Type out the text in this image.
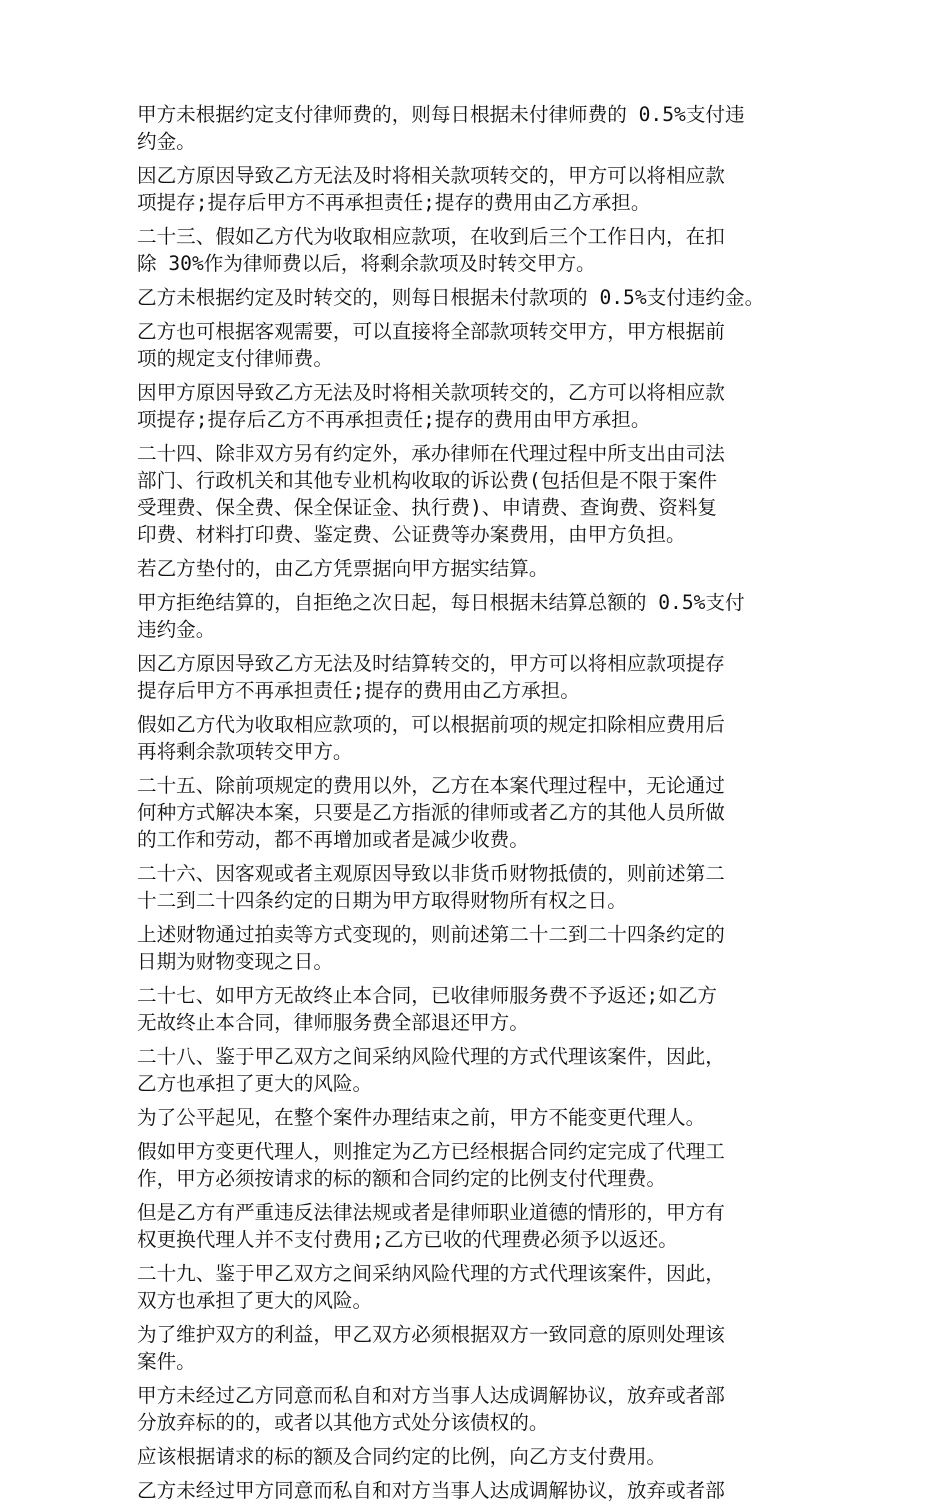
甲方未根据约定支付律师费的，则每日根据未付律师费的 0.5%支付违
约金。

因乙方原因导致乙方无法及时将相关款项转交的，甲方可以将相应款
项提存;提存后甲方不再承担责任;提存的费用由乙方承担。

二十三、假如乙方代为收取相应款项，在收到后三个工作日内，在扣
除 30%作为律师费以后，将剩余款项及时转交甲方。

乙方未根据约定及时转交的，则每日根据未付款项的 0.5%支付违约金。

乙方也可根据客观需要，可以直接将全部款项转交甲方，甲方根据前
项的规定支付律师费。

因甲方原因导致乙方无法及时将相关款项转交的，乙方可以将相应款
项提存;提存后乙方不再承担责任;提存的费用由甲方承担。

二十四、除非双方另有约定外，承办律师在代理过程中所支出由司法
部门、行政机关和其他专业机构收取的诉讼费(包括但是不限于案件
受理费、保全费、保全保证金、执行费)、申请费、查询费、资料复
印费、材料打印费、鉴定费、公证费等办案费用，由甲方负担。

若乙方垫付的，由乙方凭票据向甲方据实结算。

甲方拒绝结算的，自拒绝之次日起，每日根据未结算总额的 0.5%支付
违约金。

因乙方原因导致乙方无法及时结算转交的，甲方可以将相应款项提存
提存后甲方不再承担责任;提存的费用由乙方承担。

假如乙方代为收取相应款项的，可以根据前项的规定扣除相应费用后
再将剩余款项转交甲方。

二十五、除前项规定的费用以外，乙方在本案代理过程中，无论通过
何种方式解决本案，只要是乙方指派的律师或者乙方的其他人员所做
的工作和劳动，都不再增加或者是减少收费。

二十六、因客观或者主观原因导致以非货币财物抵债的，则前述第二
十二到二十四条约定的日期为甲方取得财物所有权之日。

上述财物通过拍卖等方式变现的，则前述第二十二到二十四条约定的
日期为财物变现之日。

二十七、如甲方无故终止本合同，已收律师服务费不予返还;如乙方
无故终止本合同，律师服务费全部退还甲方。

二十八、鉴于甲乙双方之间采纳风险代理的方式代理该案件，因此，
乙方也承担了更大的风险。

为了公平起见，在整个案件办理结束之前，甲方不能变更代理人。

假如甲方变更代理人，则推定为乙方已经根据合同约定完成了代理工
作，甲方必须按请求的标的额和合同约定的比例支付代理费。

但是乙方有严重违反法律法规或者是律师职业道德的情形的，甲方有
权更换代理人并不支付费用;乙方已收的代理费必须予以返还。

二十九、鉴于甲乙双方之间采纳风险代理的方式代理该案件，因此，
双方也承担了更大的风险。

为了维护双方的利益，甲乙双方必须根据双方一致同意的原则处理该
案件。

甲方未经过乙方同意而私自和对方当事人达成调解协议，放弃或者部
分放弃标的的，或者以其他方式处分该债权的。

应该根据请求的标的额及合同约定的比例，向乙方支付费用。

乙方未经过甲方同意而私自和对方当事人达成调解协议，放弃或者部
